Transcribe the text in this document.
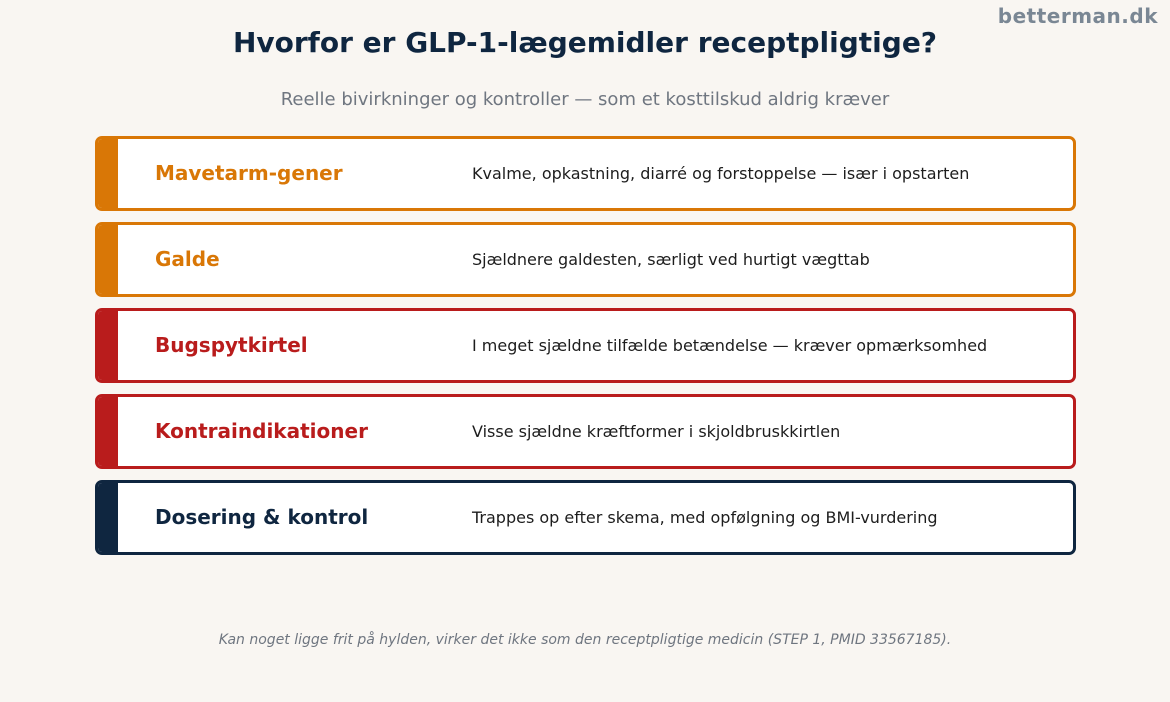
betterman.dk
Hvorfor er GLP-1-lægemidler receptpligtige?
Reelle bivirkninger og kontroller — som et kosttilskud aldrig kræver
Mavetarm-gener	Kvalme, opkastning, diarré og forstoppelse — især i opstarten
Galde	Sjældnere galdesten, særligt ved hurtigt vægttab
Bugspytkirtel	I meget sjældne tilfælde betændelse — kræver opmærksomhed
Kontraindikationer	Visse sjældne kræftformer i skjoldbruskkirtlen
Dosering & kontrol	Trappes op efter skema, med opfølgning og BMI-vurdering
Kan noget ligge frit på hylden, virker det ikke som den receptpligtige medicin (STEP 1, PMID 33567185).
